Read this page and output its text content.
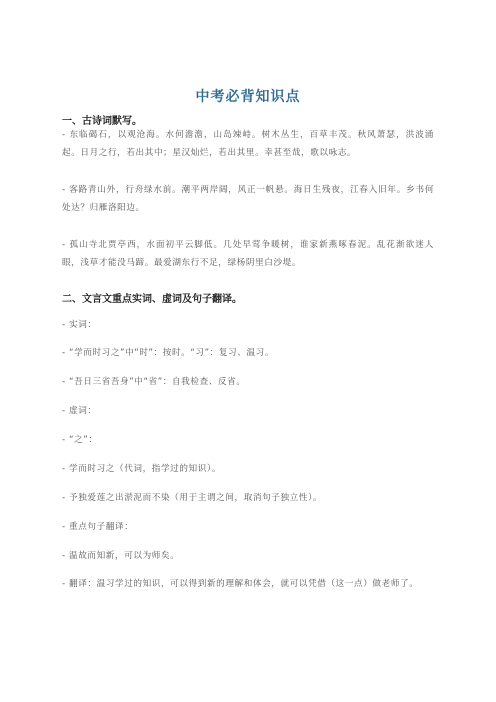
中考必背知识点
一、古诗词默写。
- 东临碣石，以观沧海。水何澹澹，山岛竦峙。树木丛生，百草丰茂。秋风萧瑟，洪波涌起。日月之行，若出其中；星汉灿烂，若出其里。幸甚至哉，歌以咏志。
- 客路青山外，行舟绿水前。潮平两岸阔，风正一帆悬。海日生残夜，江春入旧年。乡书何处达？归雁洛阳边。
- 孤山寺北贾亭西，水面初平云脚低。几处早莺争暖树，谁家新燕啄春泥。乱花渐欲迷人眼，浅草才能没马蹄。最爱湖东行不足，绿杨阴里白沙堤。
二、文言文重点实词、虚词及句子翻译。
- 实词：
- “学而时习之”中“时”：按时。“习”：复习、温习。
- “吾日三省吾身”中“省”：自我检查、反省。
- 虚词：
- “之”：
- 学而时习之（代词，指学过的知识）。
- 予独爱莲之出淤泥而不染（用于主谓之间，取消句子独立性）。
- 重点句子翻译：
- 温故而知新，可以为师矣。
- 翻译：温习学过的知识，可以得到新的理解和体会，就可以凭借（这一点）做老师了。
